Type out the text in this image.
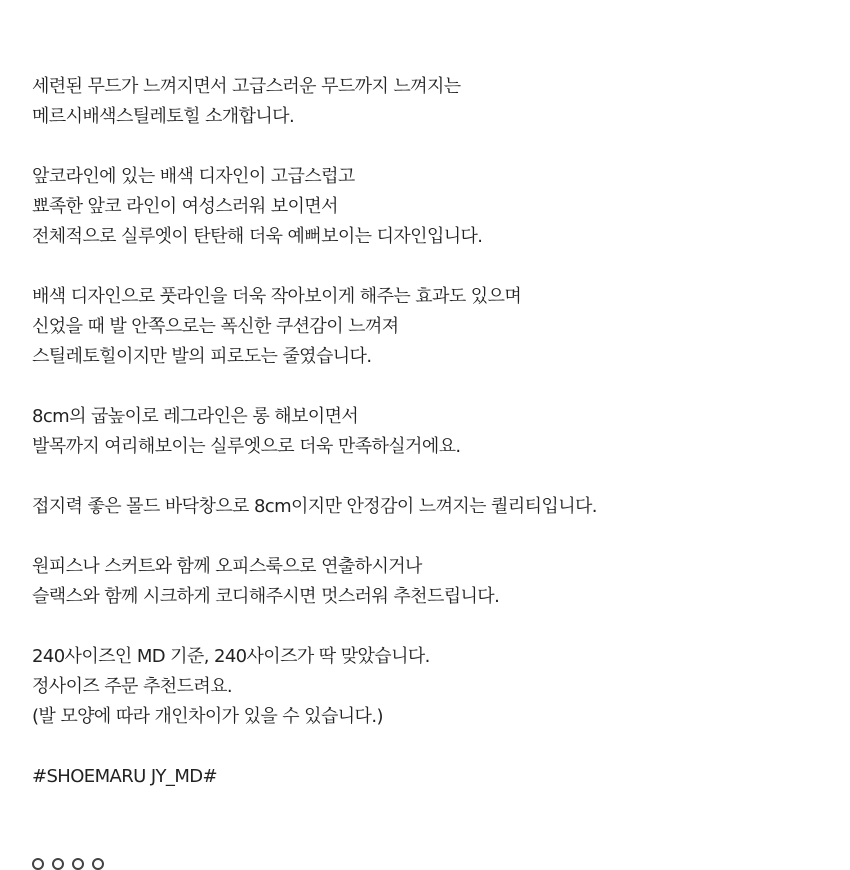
세련된 무드가 느껴지면서 고급스러운 무드까지 느껴지는
메르시배색스틸레토힐 소개합니다.
앞코라인에 있는 배색 디자인이 고급스럽고
뾰족한 앞코 라인이 여성스러워 보이면서
전체적으로 실루엣이 탄탄해 더욱 예뻐보이는 디자인입니다.
배색 디자인으로 풋라인을 더욱 작아보이게 해주는 효과도 있으며
신었을 때 발 안쪽으로는 폭신한 쿠션감이 느껴져
스틸레토힐이지만 발의 피로도는 줄였습니다.
8cm의 굽높이로 레그라인은 롱 해보이면서
발목까지 여리해보이는 실루엣으로 더욱 만족하실거에요.
접지력 좋은 몰드 바닥창으로 8cm이지만 안정감이 느껴지는 퀄리티입니다.
원피스나 스커트와 함께 오피스룩으로 연출하시거나
슬랙스와 함께 시크하게 코디해주시면 멋스러워 추천드립니다.
240사이즈인 MD 기준, 240사이즈가 딱 맞았습니다.
정사이즈 주문 추천드려요.
(발 모양에 따라 개인차이가 있을 수 있습니다.)
#SHOEMARU JY_MD#
